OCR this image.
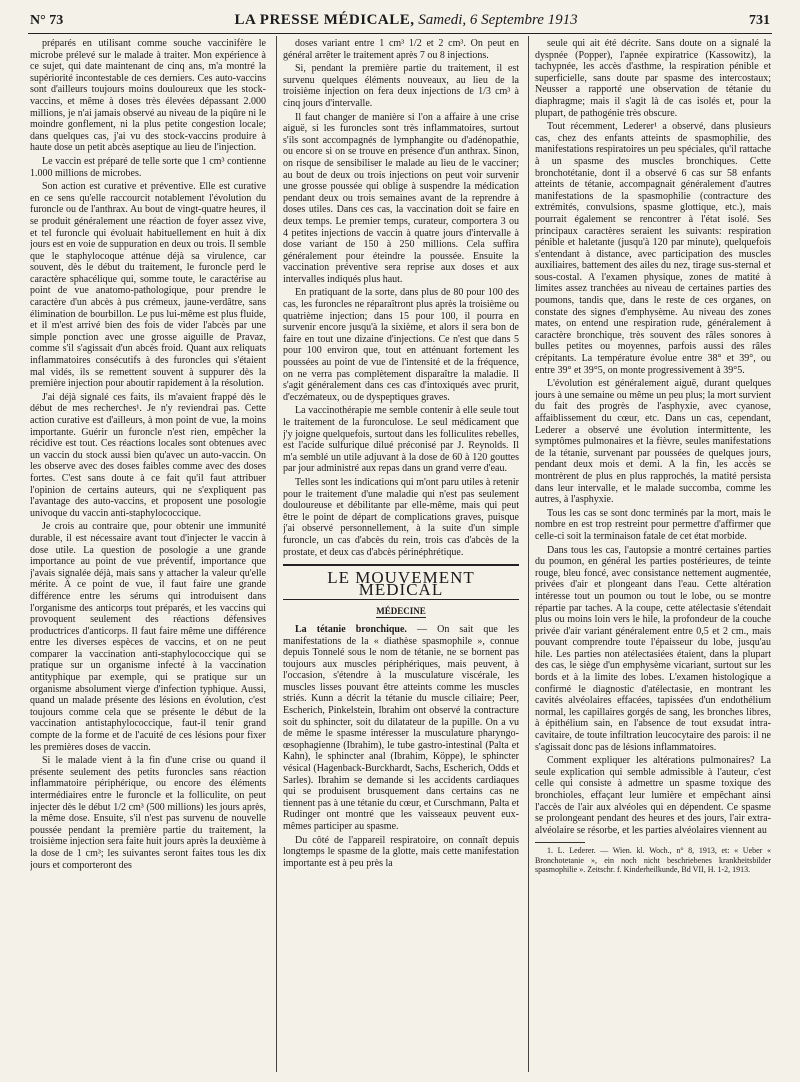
N° 73	LA PRESSE MÉDICALE, Samedi, 6 Septembre 1913	731

préparés en utilisant comme souche vaccinifère le microbe prélevé sur le malade à traiter. Mon expérience à ce sujet, qui date maintenant de cinq ans, m'a montré la supériorité incontestable de ces derniers. Ces auto-vaccins sont d'ailleurs toujours moins douloureux que les stock-vaccins, et même à doses très élevées dépassant 2.000 millions, je n'ai jamais observé au niveau de la piqûre ni le moindre gonflement, ni la plus petite congestion locale; dans quelques cas, j'ai vu des stock-vaccins produire à haute dose un petit abcès aseptique au lieu de l'injection.

Le vaccin est préparé de telle sorte que 1 cm³ contienne 1.000 millions de microbes.

Son action est curative et préventive. Elle est curative en ce sens qu'elle raccourcit notablement l'évolution du furoncle ou de l'anthrax. Au bout de vingt-quatre heures, il se produit généralement une réaction de foyer assez vive, et tel furoncle qui évoluait habituellement en huit à dix jours est en voie de suppuration en deux ou trois. Il semble que le staphylocoque atténue déjà sa virulence, car souvent, dès le début du traitement, le furoncle perd le caractère sphacélique qui, somme toute, le caractérise au point de vue anatomo-pathologique, pour prendre le caractère d'un abcès à pus crémeux, jaune-verdâtre, sans élimination de bourbillon. Le pus lui-même est plus fluide, et il m'est arrivé bien des fois de vider l'abcès par une simple ponction avec une grosse aiguille de Pravaz, comme s'il s'agissait d'un abcès froid. Quant aux reliquats inflammatoires consécutifs à des furoncles qui s'étaient mal vidés, ils se remettent souvent à suppurer dès la première injection pour aboutir rapidement à la résolution.

J'ai déjà signalé ces faits, ils m'avaient frappé dès le début de mes recherches¹. Je n'y reviendrai pas. Cette action curative est d'ailleurs, à mon point de vue, la moins importante. Guérir un furoncle n'est rien, empêcher la récidive est tout. Ces réactions locales sont obtenues avec un vaccin du stock aussi bien qu'avec un auto-vaccin. On les observe avec des doses faibles comme avec des doses fortes. C'est sans doute à ce fait qu'il faut attribuer l'opinion de certains auteurs, qui ne s'expliquent pas l'avantage des auto-vaccins, et proposent une posologie univoque du vaccin anti-staphylococcique.

Je crois au contraire que, pour obtenir une immunité durable, il est nécessaire avant tout d'injecter le vaccin à dose utile. La question de posologie a une grande importance au point de vue préventif, importance que j'avais signalée déjà, mais sans y attacher la valeur qu'elle mérite. A ce point de vue, il faut faire une grande différence entre les sérums qui introduisent dans l'organisme des anticorps tout préparés, et les vaccins qui provoquent seulement des réactions défensives productrices d'anticorps. Il faut faire même une différence entre les diverses espèces de vaccins, et on ne peut comparer la vaccination anti-staphylococcique qui se pratique sur un organisme infecté à la vaccination antityphique par exemple, qui se pratique sur un organisme absolument vierge d'infection typhique. Aussi, quand un malade présente des lésions en évolution, c'est toujours comme cela que se présente le début de la vaccination antistaphylococcique, faut-il tenir grand compte de la forme et de l'acuité de ces lésions pour fixer les premières doses de vaccin.

Si le malade vient à la fin d'une crise ou quand il présente seulement des petits furoncles sans réaction inflammatoire périphérique, ou encore des éléments intermédiaires entre le furoncle et la folliculite, on peut injecter dès le début 1/2 cm³ (500 millions) les jours après, la même dose. Ensuite, s'il n'est pas survenu de nouvelle poussée pendant la première partie du traitement, la troisième injection sera faite huit jours après la deuxième à la dose de 1 cm³; les suivantes seront faites tous les dix jours et comporteront des

doses variant entre 1 cm³ 1/2 et 2 cm³. On peut en général arrêter le traitement après 7 ou 8 injections.

Si, pendant la première partie du traitement, il est survenu quelques éléments nouveaux, au lieu de la troisième injection on fera deux injections de 1/3 cm³ à cinq jours d'intervalle.

Il faut changer de manière si l'on a affaire à une crise aiguë, si les furoncles sont très inflammatoires, surtout s'ils sont accompagnés de lymphangite ou d'adénopathie, ou encore si on se trouve en présence d'un anthrax. Sinon, on risque de sensibiliser le malade au lieu de le vacciner; au bout de deux ou trois injections on peut voir survenir une grosse poussée qui oblige à suspendre la médication pendant deux ou trois semaines avant de la reprendre à doses utiles. Dans ces cas, la vaccination doit se faire en deux temps. Le premier temps, curateur, comportera 3 ou 4 petites injections de vaccin à quatre jours d'intervalle à dose variant de 150 à 250 millions. Cela suffira généralement pour éteindre la poussée. Ensuite la vaccination préventive sera reprise aux doses et aux intervalles indiqués plus haut.

En pratiquant de la sorte, dans plus de 80 pour 100 des cas, les furoncles ne réparaîtront plus après la troisième ou quatrième injection; dans 15 pour 100, il pourra en survenir encore jusqu'à la sixième, et alors il sera bon de faire en tout une dizaine d'injections. Ce n'est que dans 5 pour 100 environ que, tout en atténuant fortement les poussées au point de vue de l'intensité et de la fréquence, on ne verra pas complètement disparaître la maladie. Il s'agit généralement dans ces cas d'intoxiqués avec prurit, d'eczémateux, ou de dyspeptiques graves.

La vaccinothérapie me semble contenir à elle seule tout le traitement de la furonculose. Le seul médicament que j'y joigne quelquefois, surtout dans les folliculites rebelles, est l'acide sulfurique dilué préconisé par J. Reynolds. Il m'a semblé un utile adjuvant à la dose de 60 à 120 gouttes par jour administré aux repas dans un grand verre d'eau.

Telles sont les indications qui m'ont paru utiles à retenir pour le traitement d'une maladie qui n'est pas seulement douloureuse et débilitante par elle-même, mais qui peut être le point de départ de complications graves, puisque j'ai observé personnellement, à la suite d'un simple furoncle, un cas d'abcès du rein, trois cas d'abcès de la prostate, et deux cas d'abcès périnéphrétique.

LE MOUVEMENT MÉDICAL
MÉDECINE

La tétanie bronchique. — On sait que les manifestations de la « diathèse spasmophile », connue depuis Tonnelé sous le nom de tétanie, ne se bornent pas toujours aux muscles périphériques, mais peuvent, à l'occasion, s'étendre à la musculature viscérale, les muscles lisses pouvant être atteints comme les muscles striés. Kunn a décrit la tétanie du muscle ciliaire; Peer, Escherich, Pinkelstein, Ibrahim ont observé la contracture soit du sphincter, soit du dilatateur de la pupille. On a vu de même le spasme intéresser la musculature pharyngo-œsophagienne (Ibrahim), le tube gastro-intestinal (Palta et Kahn), le sphincter anal (Ibrahim, Köppe), le sphincter vésical (Hagenback-Burckhardt, Sachs, Escherich, Odds et Sarles). Ibrahim se demande si les accidents cardiaques qui se produisent brusquement dans certains cas ne tiennent pas à une tétanie du cœur, et Curschmann, Palta et Rudinger ont montré que les vaisseaux peuvent eux-mêmes participer au spasme.

Du côté de l'appareil respiratoire, on connaît depuis longtemps le spasme de la glotte, mais cette manifestation importante est à peu près la

seule qui ait été décrite. Sans doute on a signalé la dyspnée (Popper), l'apnée expiratrice (Kassowitz), la tachypnée, les accès d'asthme, la respiration pénible et superficielle, sans doute par spasme des intercostaux; Neusser a rapporté une observation de tétanie du diaphragme; mais il s'agit là de cas isolés et, pour la plupart, de pathogénie très obscure.

Tout récemment, Lederer¹ a observé, dans plusieurs cas, chez des enfants atteints de spasmophilie, des manifestations respiratoires un peu spéciales, qu'il rattache à un spasme des muscles bronchiques. Cette bronchotétanie, dont il a observé 6 cas sur 58 enfants atteints de tétanie, accompagnait généralement d'autres manifestations de la spasmophilie (contracture des extrémités, convulsions, spasme glottique, etc.), mais pourrait également se rencontrer à l'état isolé. Ses principaux caractères seraient les suivants: respiration pénible et haletante (jusqu'à 120 par minute), quelquefois s'entendant à distance, avec participation des muscles auxiliaires, battement des ailes du nez, tirage sus-sternal et sous-costal. A l'examen physique, zones de matité à limites assez tranchées au niveau de certaines parties des poumons, tandis que, dans le reste de ces organes, on constate des signes d'emphysème. Au niveau des zones mates, on entend une respiration rude, généralement à caractère bronchique, très souvent des râles sonores à bulles petites ou moyennes, parfois aussi des râles crépitants. La température évolue entre 38° et 39°, ou entre 39° et 39°5, on monte progressivement à 39°5.

L'évolution est généralement aiguë, durant quelques jours à une semaine ou même un peu plus; la mort survient du fait des progrès de l'asphyxie, avec cyanose, affaiblissement du cœur, etc. Dans un cas, cependant, Lederer a observé une évolution intermittente, les symptômes pulmonaires et la fièvre, seules manifestations de la tétanie, survenant par poussées de quelques jours, pendant deux mois et demi. A la fin, les accès se montrèrent de plus en plus rapprochés, la matité persista dans leur intervalle, et le malade succomba, comme les autres, à l'asphyxie.

Tous les cas se sont donc terminés par la mort, mais le nombre en est trop restreint pour permettre d'affirmer que celle-ci soit la terminaison fatale de cet état morbide.

Dans tous les cas, l'autopsie a montré certaines parties du poumon, en général les parties postérieures, de teinte rouge, bleu foncé, avec consistance nettement augmentée, privées d'air et plongeant dans l'eau. Cette altération intéresse tout un poumon ou tout le lobe, ou se montre répartie par taches. A la coupe, cette atélectasie s'étendait plus ou moins loin vers le hile, la profondeur de la couche privée d'air variant généralement entre 0,5 et 2 cm., mais pouvant comprendre toute l'épaisseur du lobe, jusqu'au hile. Les parties non atélectasiées étaient, dans la plupart des cas, le siège d'un emphysème vicariant, surtout sur les bords et à la limite des lobes. L'examen histologique a confirmé le diagnostic d'atélectasie, en montrant les cavités alvéolaires effacées, tapissées d'un endothélium normal, les capillaires gorgés de sang, les bronches libres, à épithélium sain, en l'absence de tout exsudat intra-cavitaire, de toute infiltration leucocytaire des parois: il ne s'agissait donc pas de lésions inflammatoires.

Comment expliquer les altérations pulmonaires? La seule explication qui semble admissible à l'auteur, c'est celle qui consiste à admettre un spasme toxique des bronchioles, effaçant leur lumière et empêchant ainsi l'accès de l'air aux alvéoles qui en dépendent. Ce spasme se prolongeant pendant des heures et des jours, l'air extra-alvéolaire se résorbe, et les parties alvéolaires viennent au

1. L. Lederer. — Wien. kl. Woch., n° 8, 1913, et: « Ueber « Bronchotetanie », ein noch nicht beschriebenes krankheitsbilder spasmophilie ». Zeitschr. f. Kinderheilkunde, Bd VII, H. 1-2, 1913.
